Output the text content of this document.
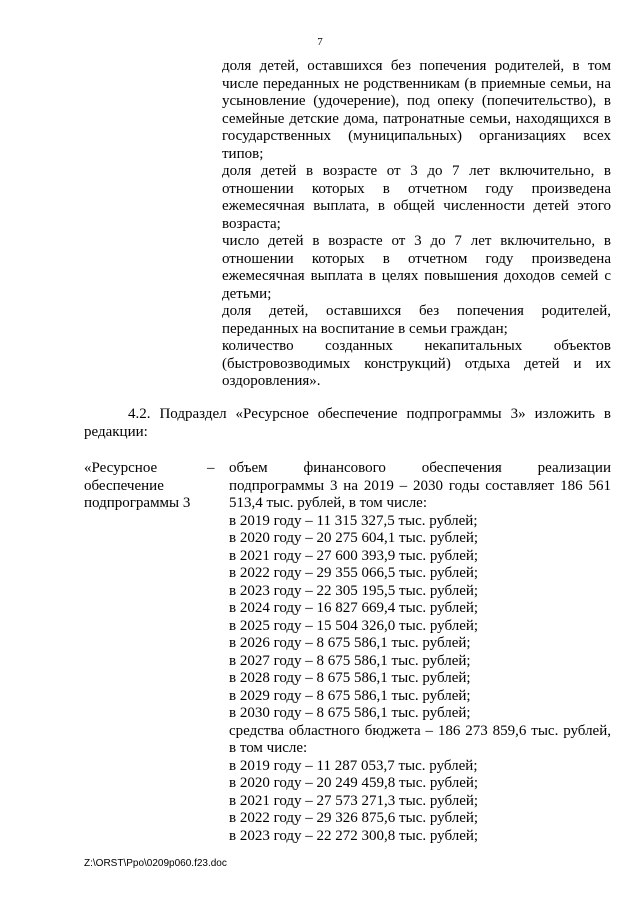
7

доля детей, оставшихся без попечения родителей, в том числе переданных не родственникам (в приемные семьи, на усыновление (удочерение), под опеку (попечительство), в семейные детские дома, патронатные семьи, находящихся в государственных (муниципальных) организациях всех типов;

доля детей в возрасте от 3 до 7 лет включительно, в отношении которых в отчетном году произведена ежемесячная выплата, в общей численности детей этого возраста;

число детей в возрасте от 3 до 7 лет включительно, в отношении которых в отчетном году произведена ежемесячная выплата в целях повышения доходов семей с детьми;

доля детей, оставшихся без попечения родителей, переданных на воспитание в семьи граждан;

количество созданных некапитальных объектов (быстровозводимых конструкций) отдыха детей и их оздоровления».

4.2. Подраздел «Ресурсное обеспечение подпрограммы 3» изложить в редакции:

«Ресурсное обеспечение подпрограммы 3
– объем финансового обеспечения реализации подпрограммы 3 на 2019 – 2030 годы составляет 186 561 513,4 тыс. рублей, в том числе:

в 2019 году – 11 315 327,5 тыс. рублей;
в 2020 году – 20 275 604,1 тыс. рублей;
в 2021 году – 27 600 393,9 тыс. рублей;
в 2022 году – 29 355 066,5 тыс. рублей;
в 2023 году – 22 305 195,5 тыс. рублей;
в 2024 году – 16 827 669,4 тыс. рублей;
в 2025 году – 15 504 326,0 тыс. рублей;
в 2026 году – 8 675 586,1 тыс. рублей;
в 2027 году – 8 675 586,1 тыс. рублей;
в 2028 году – 8 675 586,1 тыс. рублей;
в 2029 году – 8 675 586,1 тыс. рублей;
в 2030 году – 8 675 586,1 тыс. рублей;

средства областного бюджета – 186 273 859,6 тыс. рублей, в том числе:

в 2019 году – 11 287 053,7 тыс. рублей;
в 2020 году – 20 249 459,8 тыс. рублей;
в 2021 году – 27 573 271,3 тыс. рублей;
в 2022 году – 29 326 875,6 тыс. рублей;
в 2023 году – 22 272 300,8 тыс. рублей;
Z:\ORST\Ppo\0209p060.f23.doc
